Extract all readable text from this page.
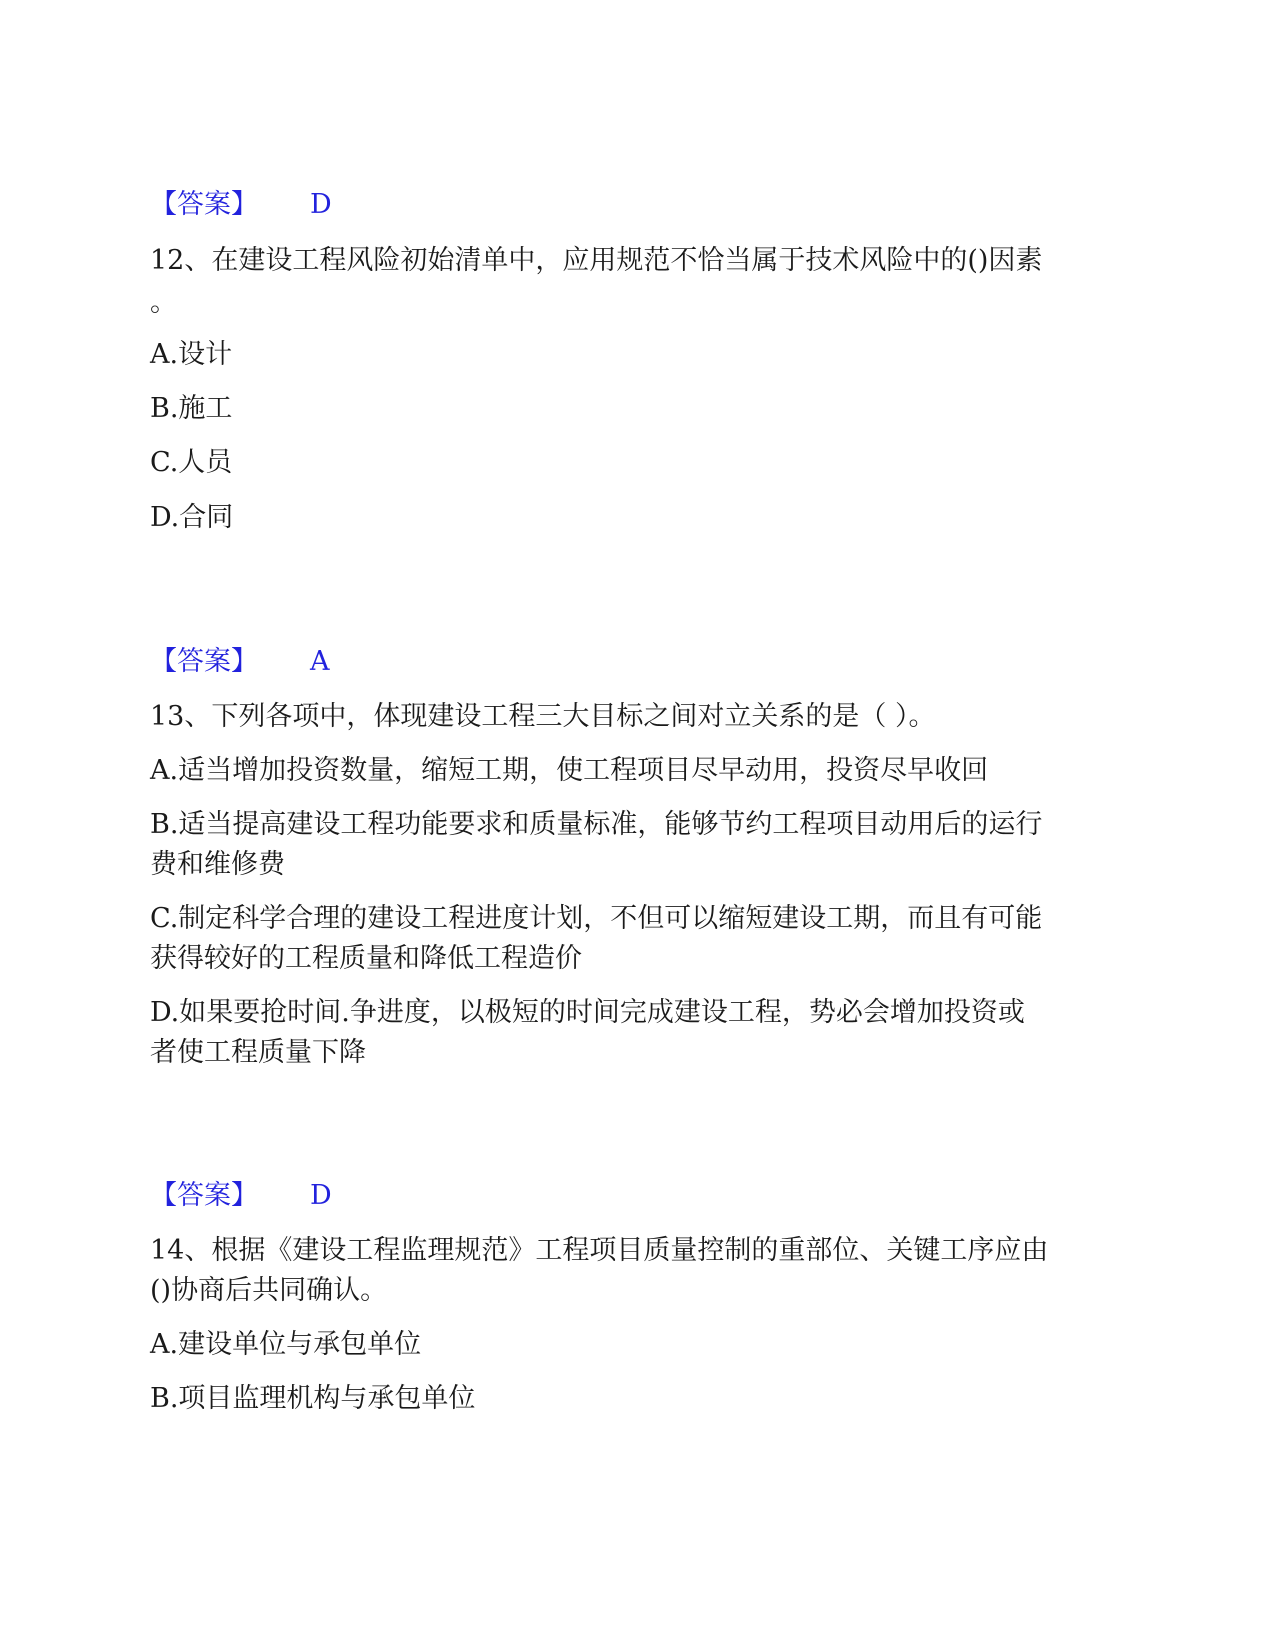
【答案】 D

12、在建设工程风险初始清单中，应用规范不恰当属于技术风险中的()因素

。

A.设计

B.施工

C.人员

D.合同

【答案】 A

13、下列各项中，体现建设工程三大目标之间对立关系的是（ ）。

A.适当增加投资数量，缩短工期，使工程项目尽早动用，投资尽早收回

B.适当提高建设工程功能要求和质量标准，能够节约工程项目动用后的运行

费和维修费

C.制定科学合理的建设工程进度计划，不但可以缩短建设工期，而且有可能

获得较好的工程质量和降低工程造价

D.如果要抢时间.争进度，以极短的时间完成建设工程，势必会增加投资或

者使工程质量下降

【答案】 D

14、根据《建设工程监理规范》工程项目质量控制的重部位、关键工序应由

()协商后共同确认。

A.建设单位与承包单位

B.项目监理机构与承包单位
